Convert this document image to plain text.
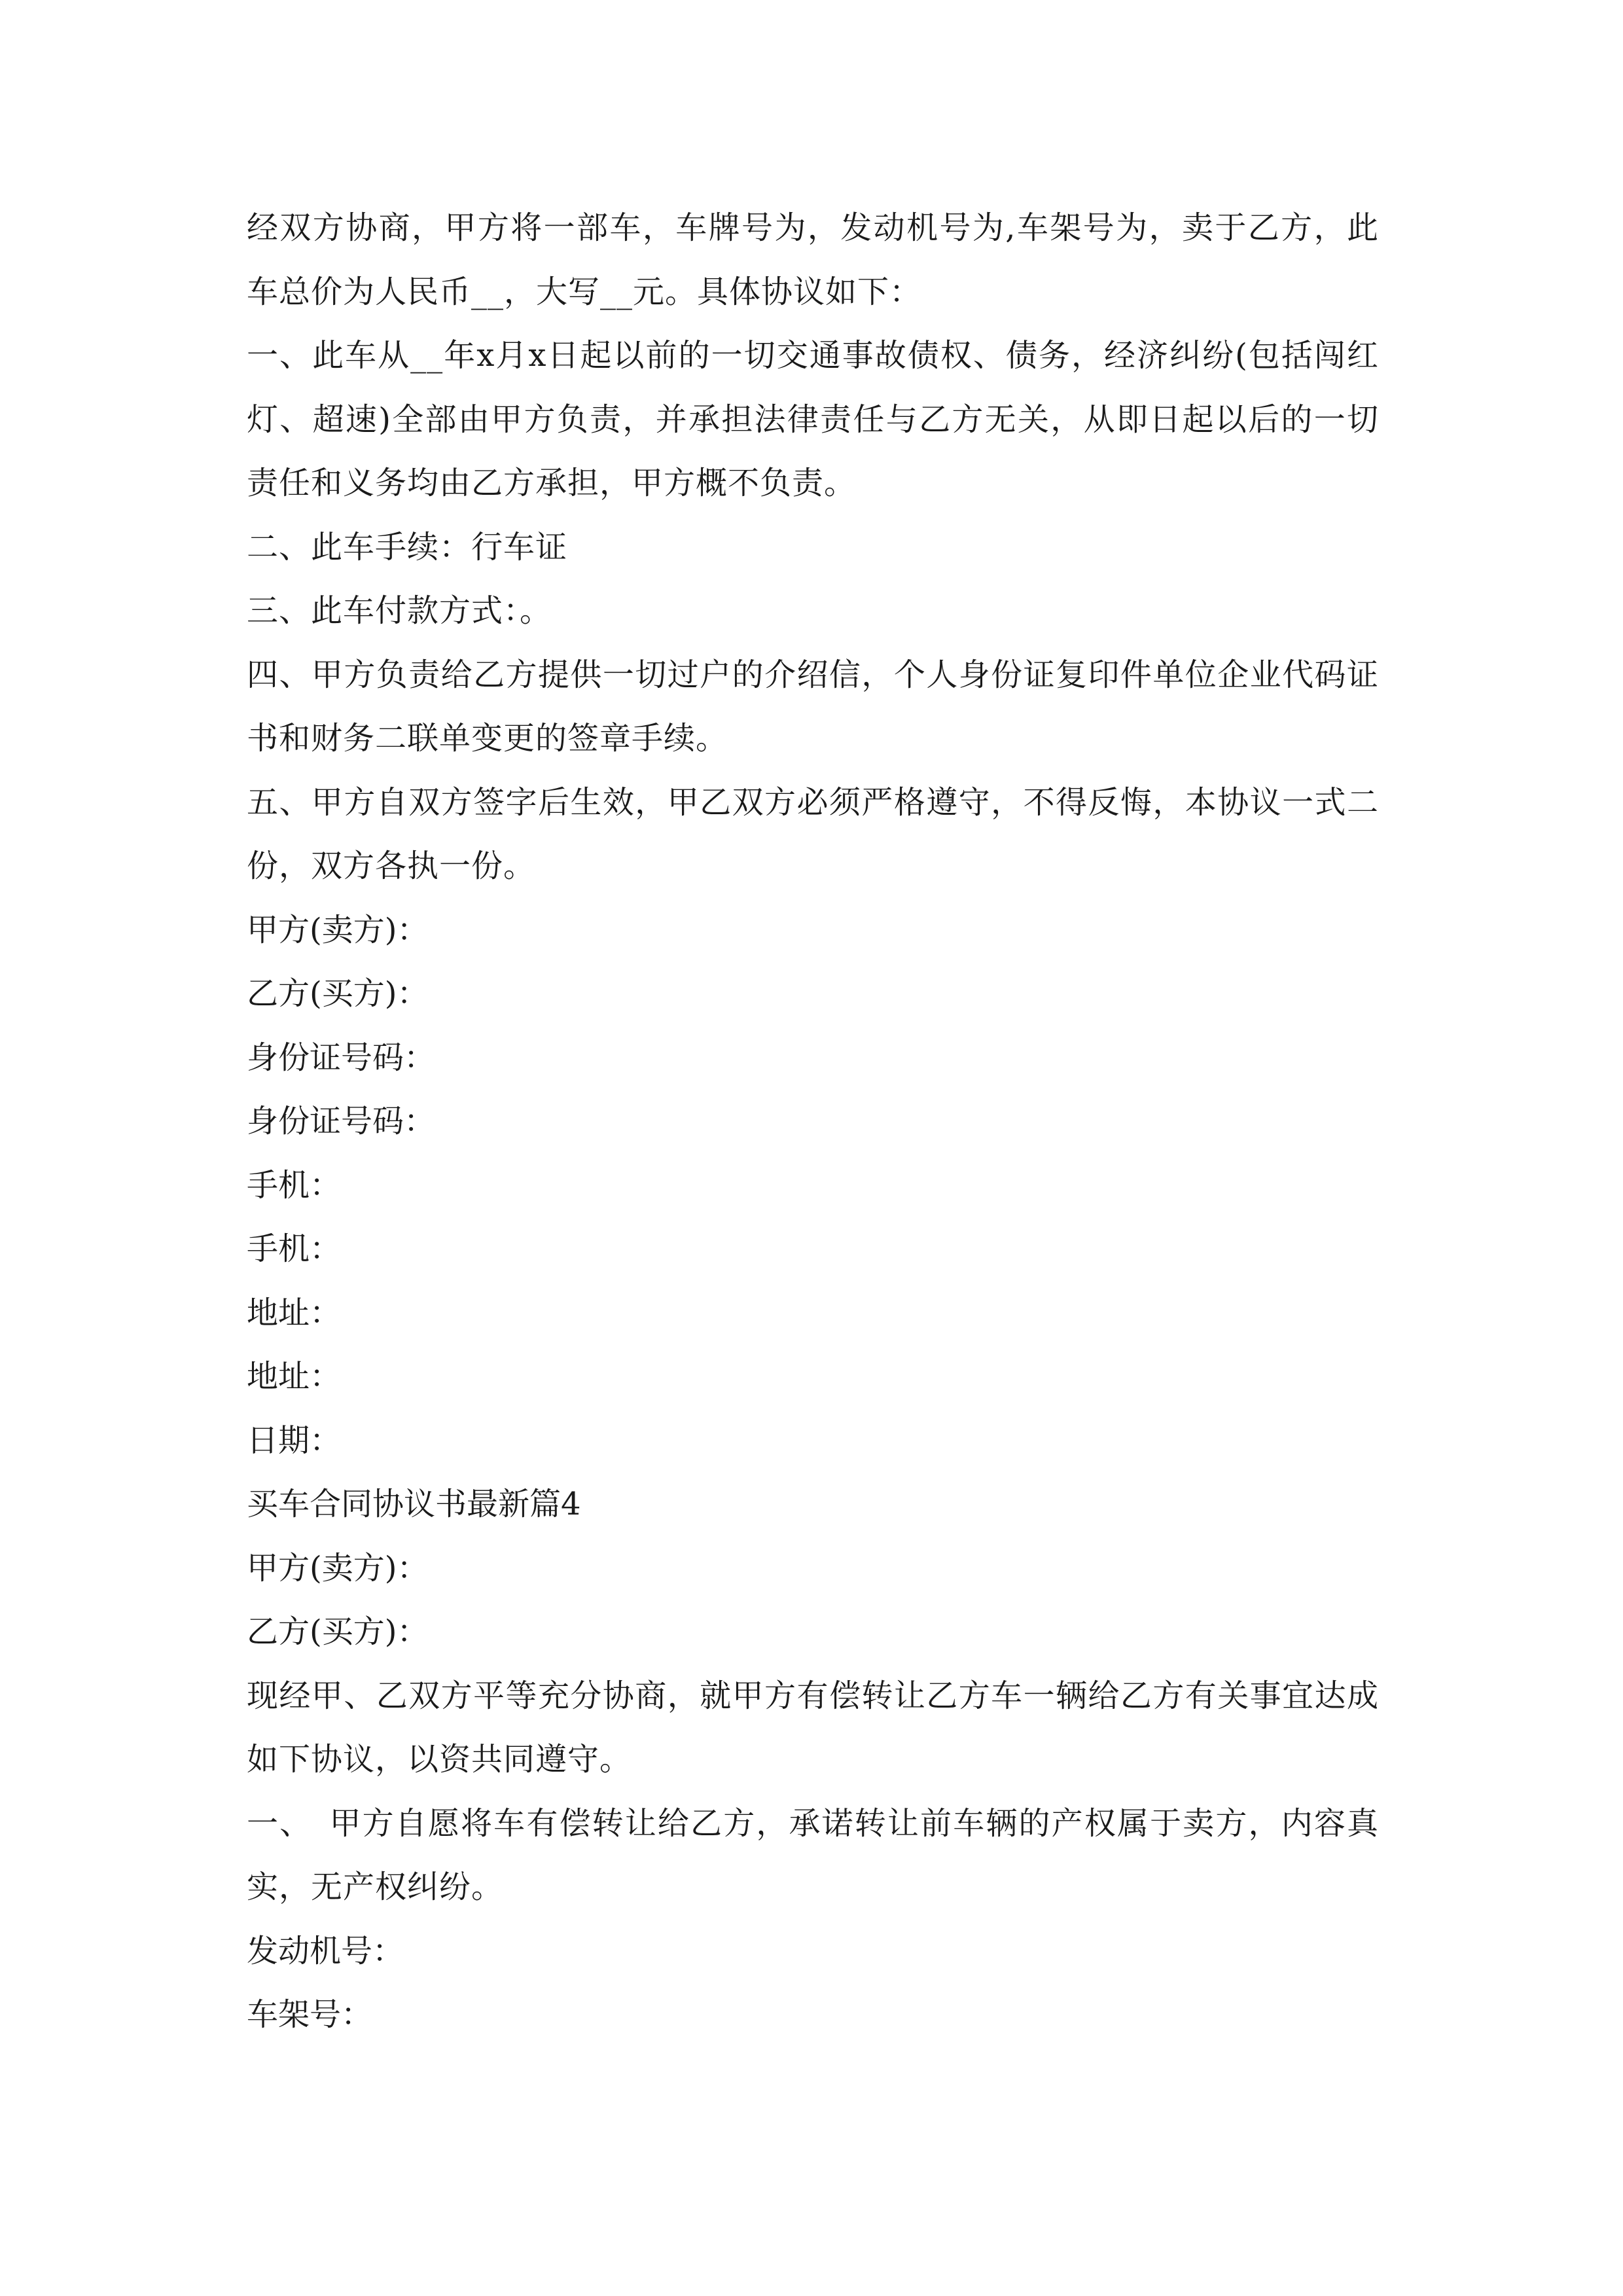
经双方协商，甲方将一部车，车牌号为，发动机号为,车架号为，卖于乙方，此车总价为人民币__，大写__元。具体协议如下：

一、此车从__年x月x日起以前的一切交通事故债权、债务，经济纠纷(包括闯红灯、超速)全部由甲方负责，并承担法律责任与乙方无关，从即日起以后的一切责任和义务均由乙方承担，甲方概不负责。

二、此车手续：行车证

三、此车付款方式：。

四、甲方负责给乙方提供一切过户的介绍信，个人身份证复印件单位企业代码证书和财务二联单变更的签章手续。

五、甲方自双方签字后生效，甲乙双方必须严格遵守，不得反悔，本协议一式二份，双方各执一份。

甲方(卖方)：

乙方(买方)：

身份证号码：

身份证号码：

手机：

手机：

地址：

地址：

日期：

买车合同协议书最新篇4

甲方(卖方)：

乙方(买方)：

现经甲、乙双方平等充分协商，就甲方有偿转让乙方车一辆给乙方有关事宜达成如下协议，以资共同遵守。

一、　甲方自愿将车有偿转让给乙方，承诺转让前车辆的产权属于卖方，内容真实，无产权纠纷。

发动机号：

车架号：
